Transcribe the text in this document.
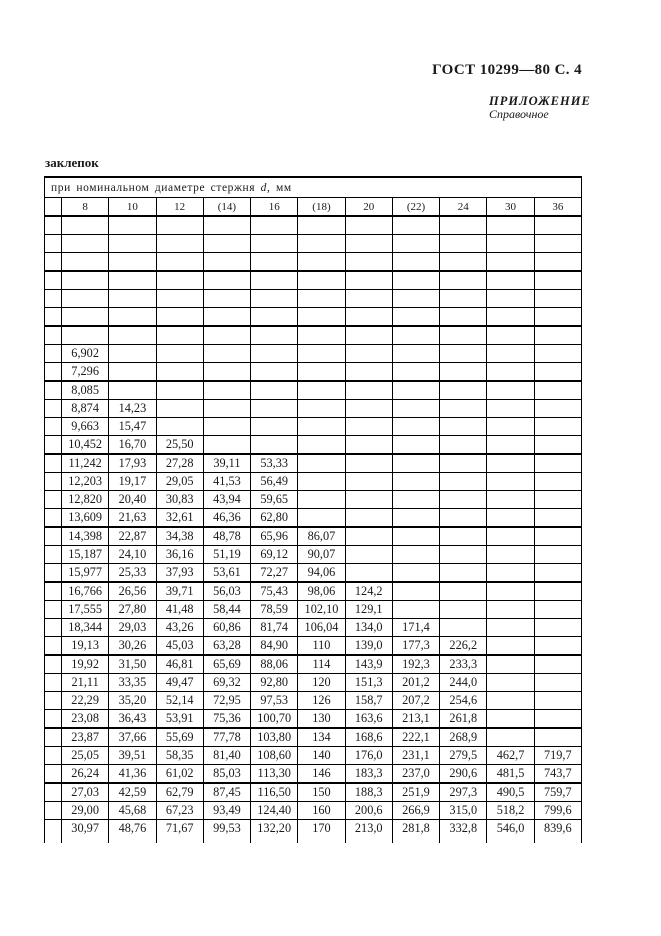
ГОСТ 10299—80 С. 4
ПРИЛОЖЕНИЕ
Справочное
заклепок
при номинальном диаметре стержня d, мм											
	8	10	12	(14)	16	(18)	20	(22)	24	30	36

	6,902										
	7,296										
	8,085										
	8,874	14,23									
	9,663	15,47									
	10,452	16,70	25,50								
	11,242	17,93	27,28	39,11	53,33						
	12,203	19,17	29,05	41,53	56,49						
	12,820	20,40	30,83	43,94	59,65						
	13,609	21,63	32,61	46,36	62,80						
	14,398	22,87	34,38	48,78	65,96	86,07					
	15,187	24,10	36,16	51,19	69,12	90,07					
	15,977	25,33	37,93	53,61	72,27	94,06					
	16,766	26,56	39,71	56,03	75,43	98,06	124,2				
	17,555	27,80	41,48	58,44	78,59	102,10	129,1				
	18,344	29,03	43,26	60,86	81,74	106,04	134,0	171,4			
	19,13	30,26	45,03	63,28	84,90	110	139,0	177,3	226,2		
	19,92	31,50	46,81	65,69	88,06	114	143,9	192,3	233,3		
	21,11	33,35	49,47	69,32	92,80	120	151,3	201,2	244,0		
	22,29	35,20	52,14	72,95	97,53	126	158,7	207,2	254,6		
	23,08	36,43	53,91	75,36	100,70	130	163,6	213,1	261,8		
	23,87	37,66	55,69	77,78	103,80	134	168,6	222,1	268,9		
	25,05	39,51	58,35	81,40	108,60	140	176,0	231,1	279,5	462,7	719,7
	26,24	41,36	61,02	85,03	113,30	146	183,3	237,0	290,6	481,5	743,7
	27,03	42,59	62,79	87,45	116,50	150	188,3	251,9	297,3	490,5	759,7
	29,00	45,68	67,23	93,49	124,40	160	200,6	266,9	315,0	518,2	799,6
	30,97	48,76	71,67	99,53	132,20	170	213,0	281,8	332,8	546,0	839,6
